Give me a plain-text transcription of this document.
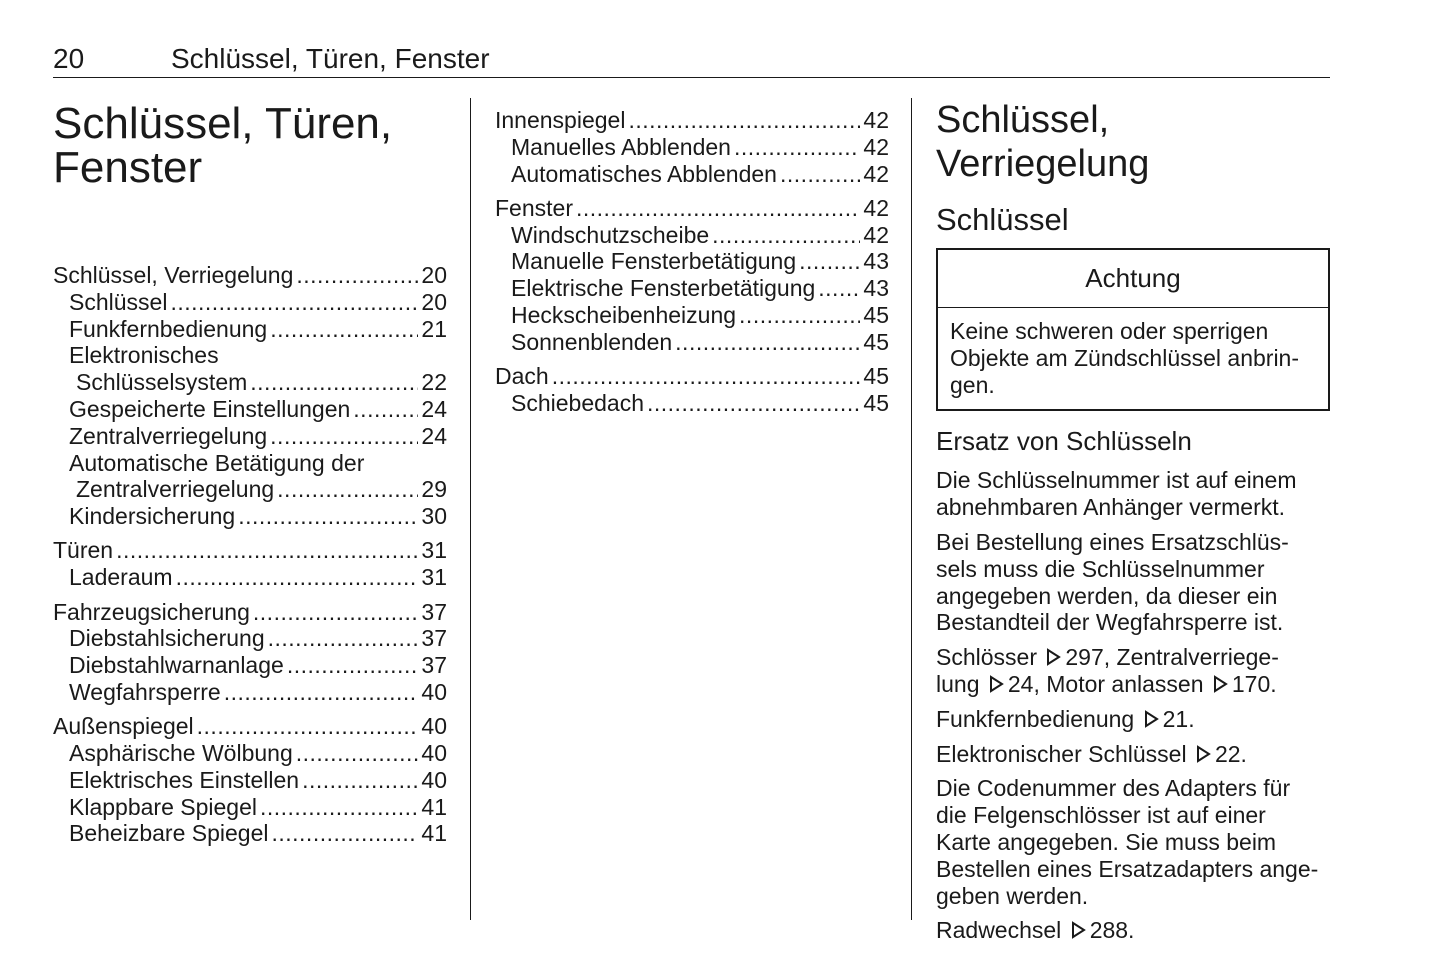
20	Schlüssel, Türen, Fenster
Schlüssel, Türen,
Fenster
Schlüssel, Verriegelung .....	20
Schlüssel .....	20
Funkfernbedienung .....	21
Elektronisches
Schlüsselsystem .....	22
Gespeicherte Einstellungen .....	24
Zentralverriegelung .....	24
Automatische Betätigung der
Zentralverriegelung .....	29
Kindersicherung .....	30
Türen .....	31
Laderaum .....	31
Fahrzeugsicherung .....	37
Diebstahlsicherung .....	37
Diebstahlwarnanlage .....	37
Wegfahrsperre .....	40
Außenspiegel .....	40
Asphärische Wölbung .....	40
Elektrisches Einstellen .....	40
Klappbare Spiegel .....	41
Beheizbare Spiegel .....	41
Innenspiegel .....	42
Manuelles Abblenden .....	42
Automatisches Abblenden .....	42
Fenster .....	42
Windschutzscheibe .....	42
Manuelle Fensterbetätigung .....	43
Elektrische Fensterbetätigung ..... 43
Heckscheibenheizung .....	45
Sonnenblenden .....	45
Dach .....	45
Schiebedach .....	45
Schlüssel, Verriegelung
Schlüssel
Achtung
Keine schweren oder sperrigen
Objekte am Zündschlüssel anbrin-
gen.
Ersatz von Schlüsseln

Die Schlüsselnummer ist auf einem
abnehmbaren Anhänger vermerkt.

Bei Bestellung eines Ersatzschlüs-
sels muss die Schlüsselnummer
angegeben werden, da dieser ein
Bestandteil der Wegfahrsperre ist.

Schlösser 297, Zentralverriege-
lung 24, Motor anlassen 170.

Funkfernbedienung 21.

Elektronischer Schlüssel 22.

Die Codenummer des Adapters für
die Felgenschlösser ist auf einer
Karte angegeben. Sie muss beim
Bestellen eines Ersatzadapters ange-
geben werden.

Radwechsel 288.
